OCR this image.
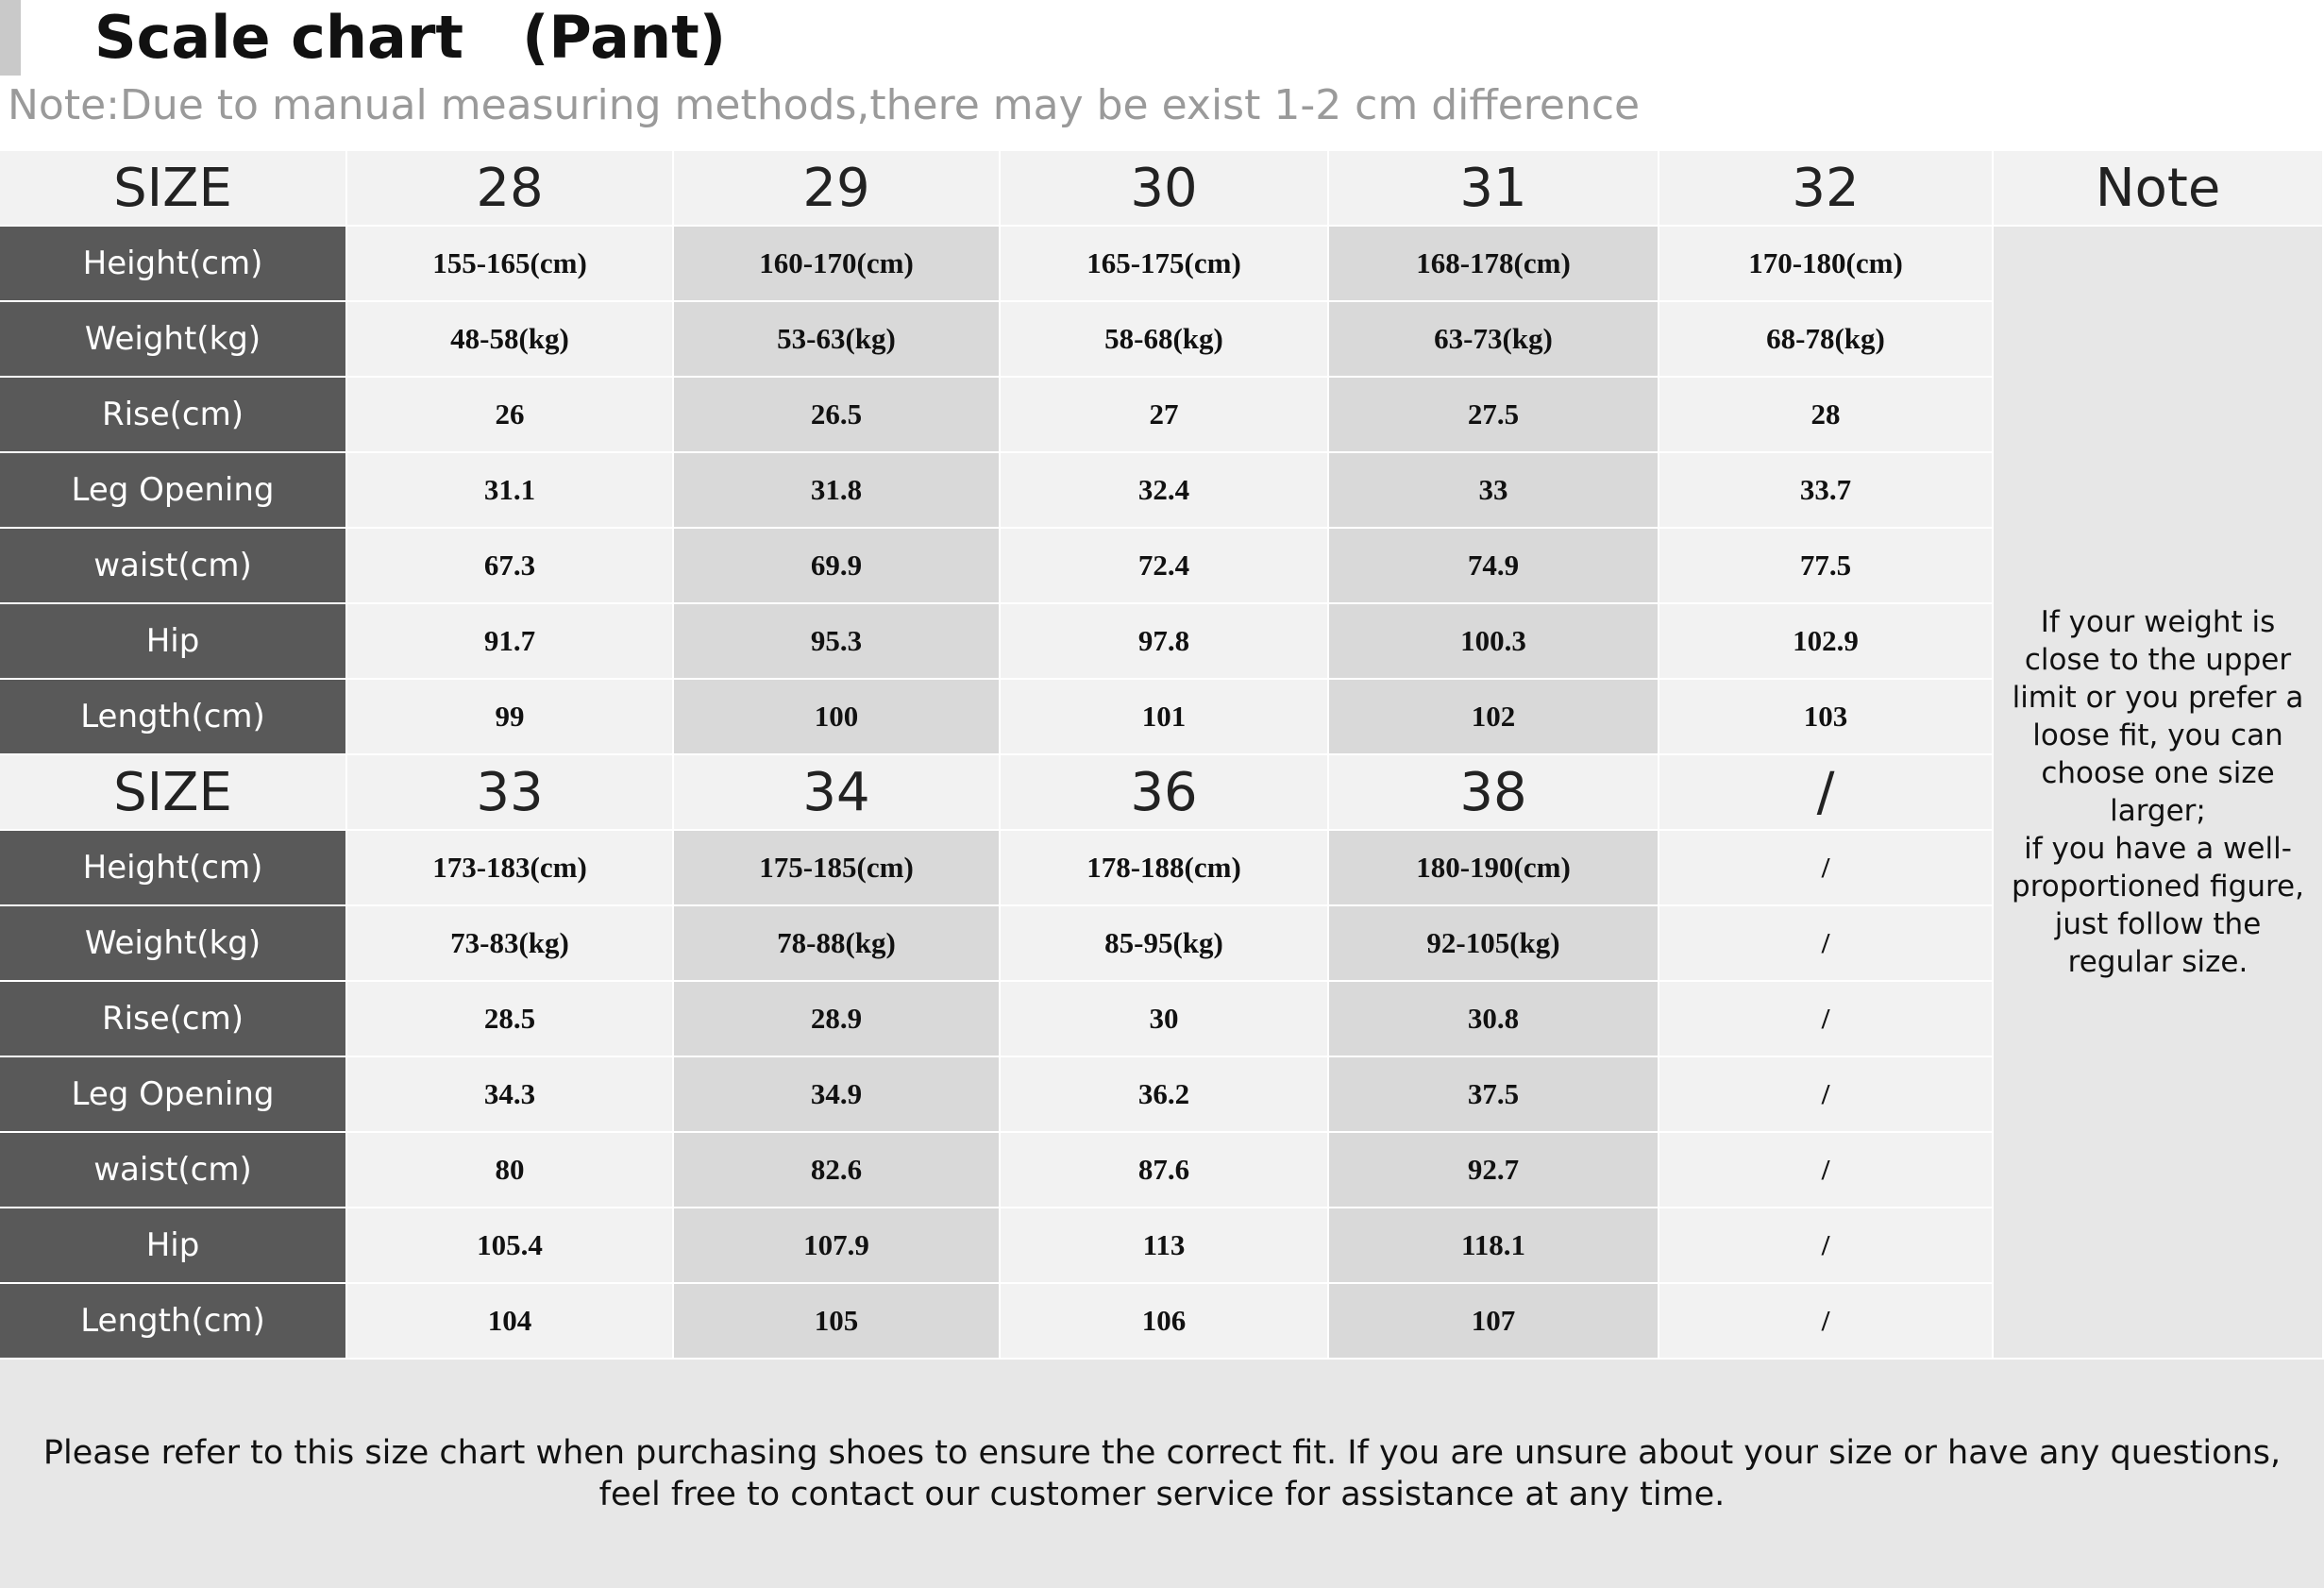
Scale chart　(Pant)
Note:Due to manual measuring methods,there may be exist 1-2 cm difference
SIZE	28	29	30	31	32	Note
Height(cm)	155-165(cm)	160-170(cm)	165-175(cm)	168-178(cm)	170-180(cm)
Weight(kg)	48-58(kg)	53-63(kg)	58-68(kg)	63-73(kg)	68-78(kg)
Rise(cm)	26	26.5	27	27.5	28
Leg Opening	31.1	31.8	32.4	33	33.7
waist(cm)	67.3	69.9	72.4	74.9	77.5
Hip	91.7	95.3	97.8	100.3	102.9
Length(cm)	99	100	101	102	103
SIZE	33	34	36	38	/
Height(cm)	173-183(cm)	175-185(cm)	178-188(cm)	180-190(cm)	/
Weight(kg)	73-83(kg)	78-88(kg)	85-95(kg)	92-105(kg)	/
Rise(cm)	28.5	28.9	30	30.8	/
Leg Opening	34.3	34.9	36.2	37.5	/
waist(cm)	80	82.6	87.6	92.7	/
Hip	105.4	107.9	113	118.1	/
Length(cm)	104	105	106	107	/
If your weight is close to the upper limit or you prefer a loose fit, you can choose one size larger;
if you have a well-proportioned figure, just follow the regular size.
Please refer to this size chart when purchasing shoes to ensure the correct fit. If you are unsure about your size or have any questions, feel free to contact our customer service for assistance at any time.
